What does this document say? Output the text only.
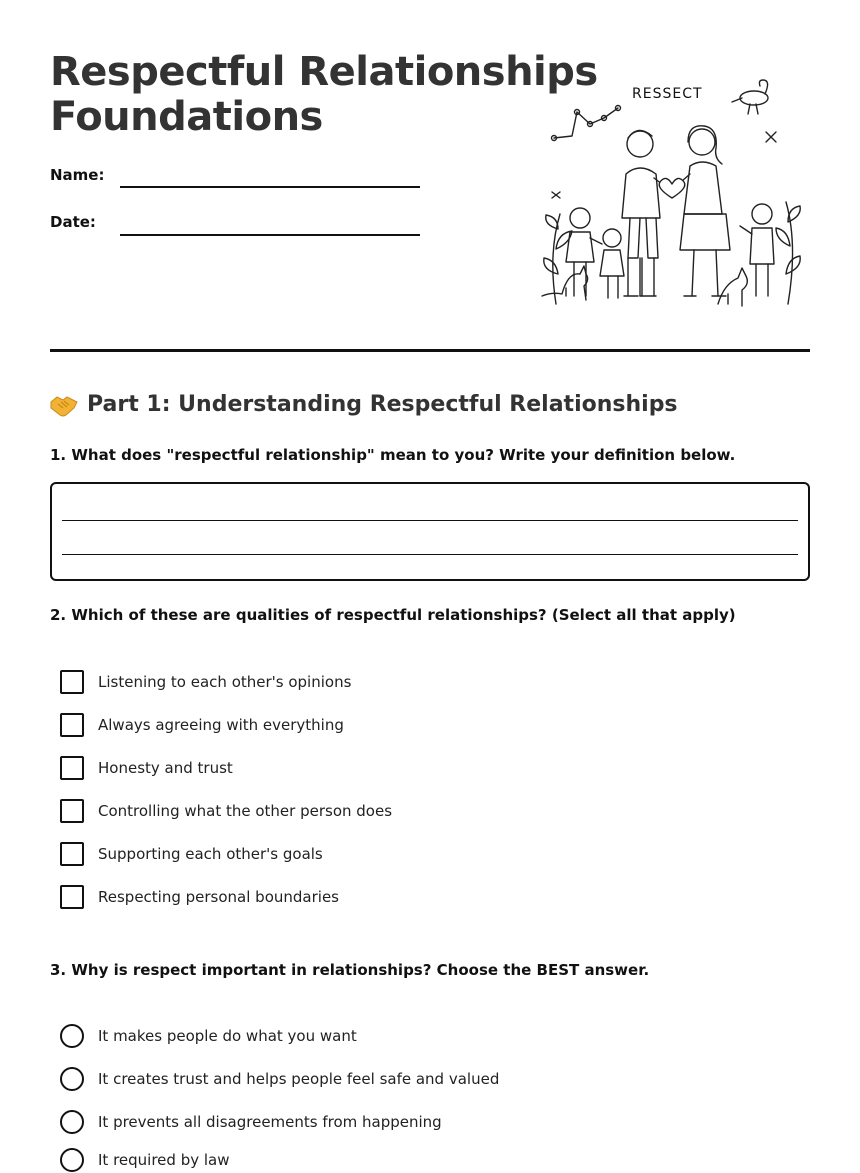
Respectful Relationships
Foundations
Name:
Date:
RESSECT
Part 1: Understanding Respectful Relationships

1. What does "respectful relationship" mean to you? Write your definition below.

2. Which of these are qualities of respectful relationships? (Select all that apply)

Listening to each other's opinions
Always agreeing with everything
Honesty and trust
Controlling what the other person does
Supporting each other's goals
Respecting personal boundaries

3. Why is respect important in relationships? Choose the BEST answer.

It makes people do what you want
It creates trust and helps people feel safe and valued
It prevents all disagreements from happening
It required by law
